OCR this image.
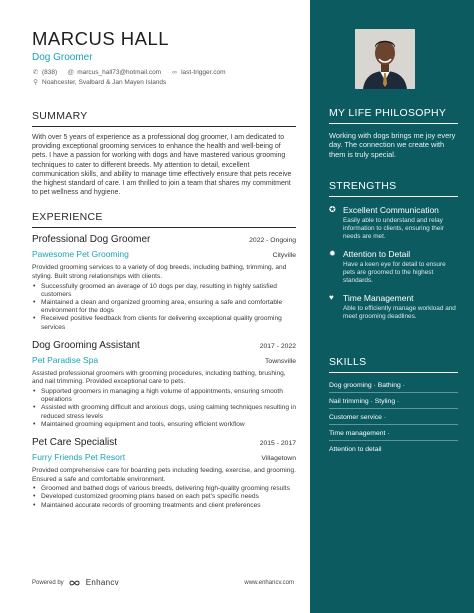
MARCUS HALL
Dog Groomer
✆ (838) @ marcus_hall73@hotmail.com ∞ last-trigger.com
⚲ Noahcester, Svalbard & Jan Mayen Islands
SUMMARY

With over 5 years of experience as a professional dog groomer, I am dedicated to providing exceptional grooming services to enhance the health and well-being of pets. I have a passion for working with dogs and have mastered various grooming techniques to cater to different breeds. My attention to detail, excellent communication skills, and ability to manage time effectively ensure that pets receive the highest standard of care. I am thrilled to join a team that shares my commitment to pet wellness and hygiene.

EXPERIENCE
Professional Dog Groomer	2022 - Ongoing
Pawesome Pet Grooming	Cityville

Provided grooming services to a variety of dog breeds, including bathing, trimming, and styling. Built strong relationships with clients.

• Successfully groomed an average of 10 dogs per day, resulting in highly satisfied customers
• Maintained a clean and organized grooming area, ensuring a safe and comfortable environment for the dogs
• Received positive feedback from clients for delivering exceptional quality grooming services
Dog Grooming Assistant	2017 - 2022
Pet Paradise Spa	Townsville

Assisted professional groomers with grooming procedures, including bathing, brushing, and nail trimming. Provided exceptional care to pets.

• Supported groomers in managing a high volume of appointments, ensuring smooth operations
• Assisted with grooming difficult and anxious dogs, using calming techniques resulting in reduced stress levels
• Maintained grooming equipment and tools, ensuring efficient workflow
Pet Care Specialist	2015 - 2017
Furry Friends Pet Resort	Villagetown

Provided comprehensive care for boarding pets including feeding, exercise, and grooming. Ensured a safe and comfortable environment.

• Groomed and bathed dogs of various breeds, delivering high-quality grooming results
• Developed customized grooming plans based on each pet's specific needs
• Maintained accurate records of grooming treatments and client preferences
Powered by	Enhancv	www.enhancv.com
MY LIFE PHILOSOPHY

Working with dogs brings me joy every day. The connection we create with them is truly special.

STRENGTHS
✪ Excellent Communication
Easily able to understand and relay information to clients, ensuring their needs are met.
✹ Attention to Detail
Have a keen eye for detail to ensure pets are groomed to the highest standards.
♥	Time Management
Able to efficiently manage workload and meet grooming deadlines.
SKILLS
Dog grooming · Bathing ·
Nail trimming · Styling ·
Customer service ·
Time management ·
Attention to detail
